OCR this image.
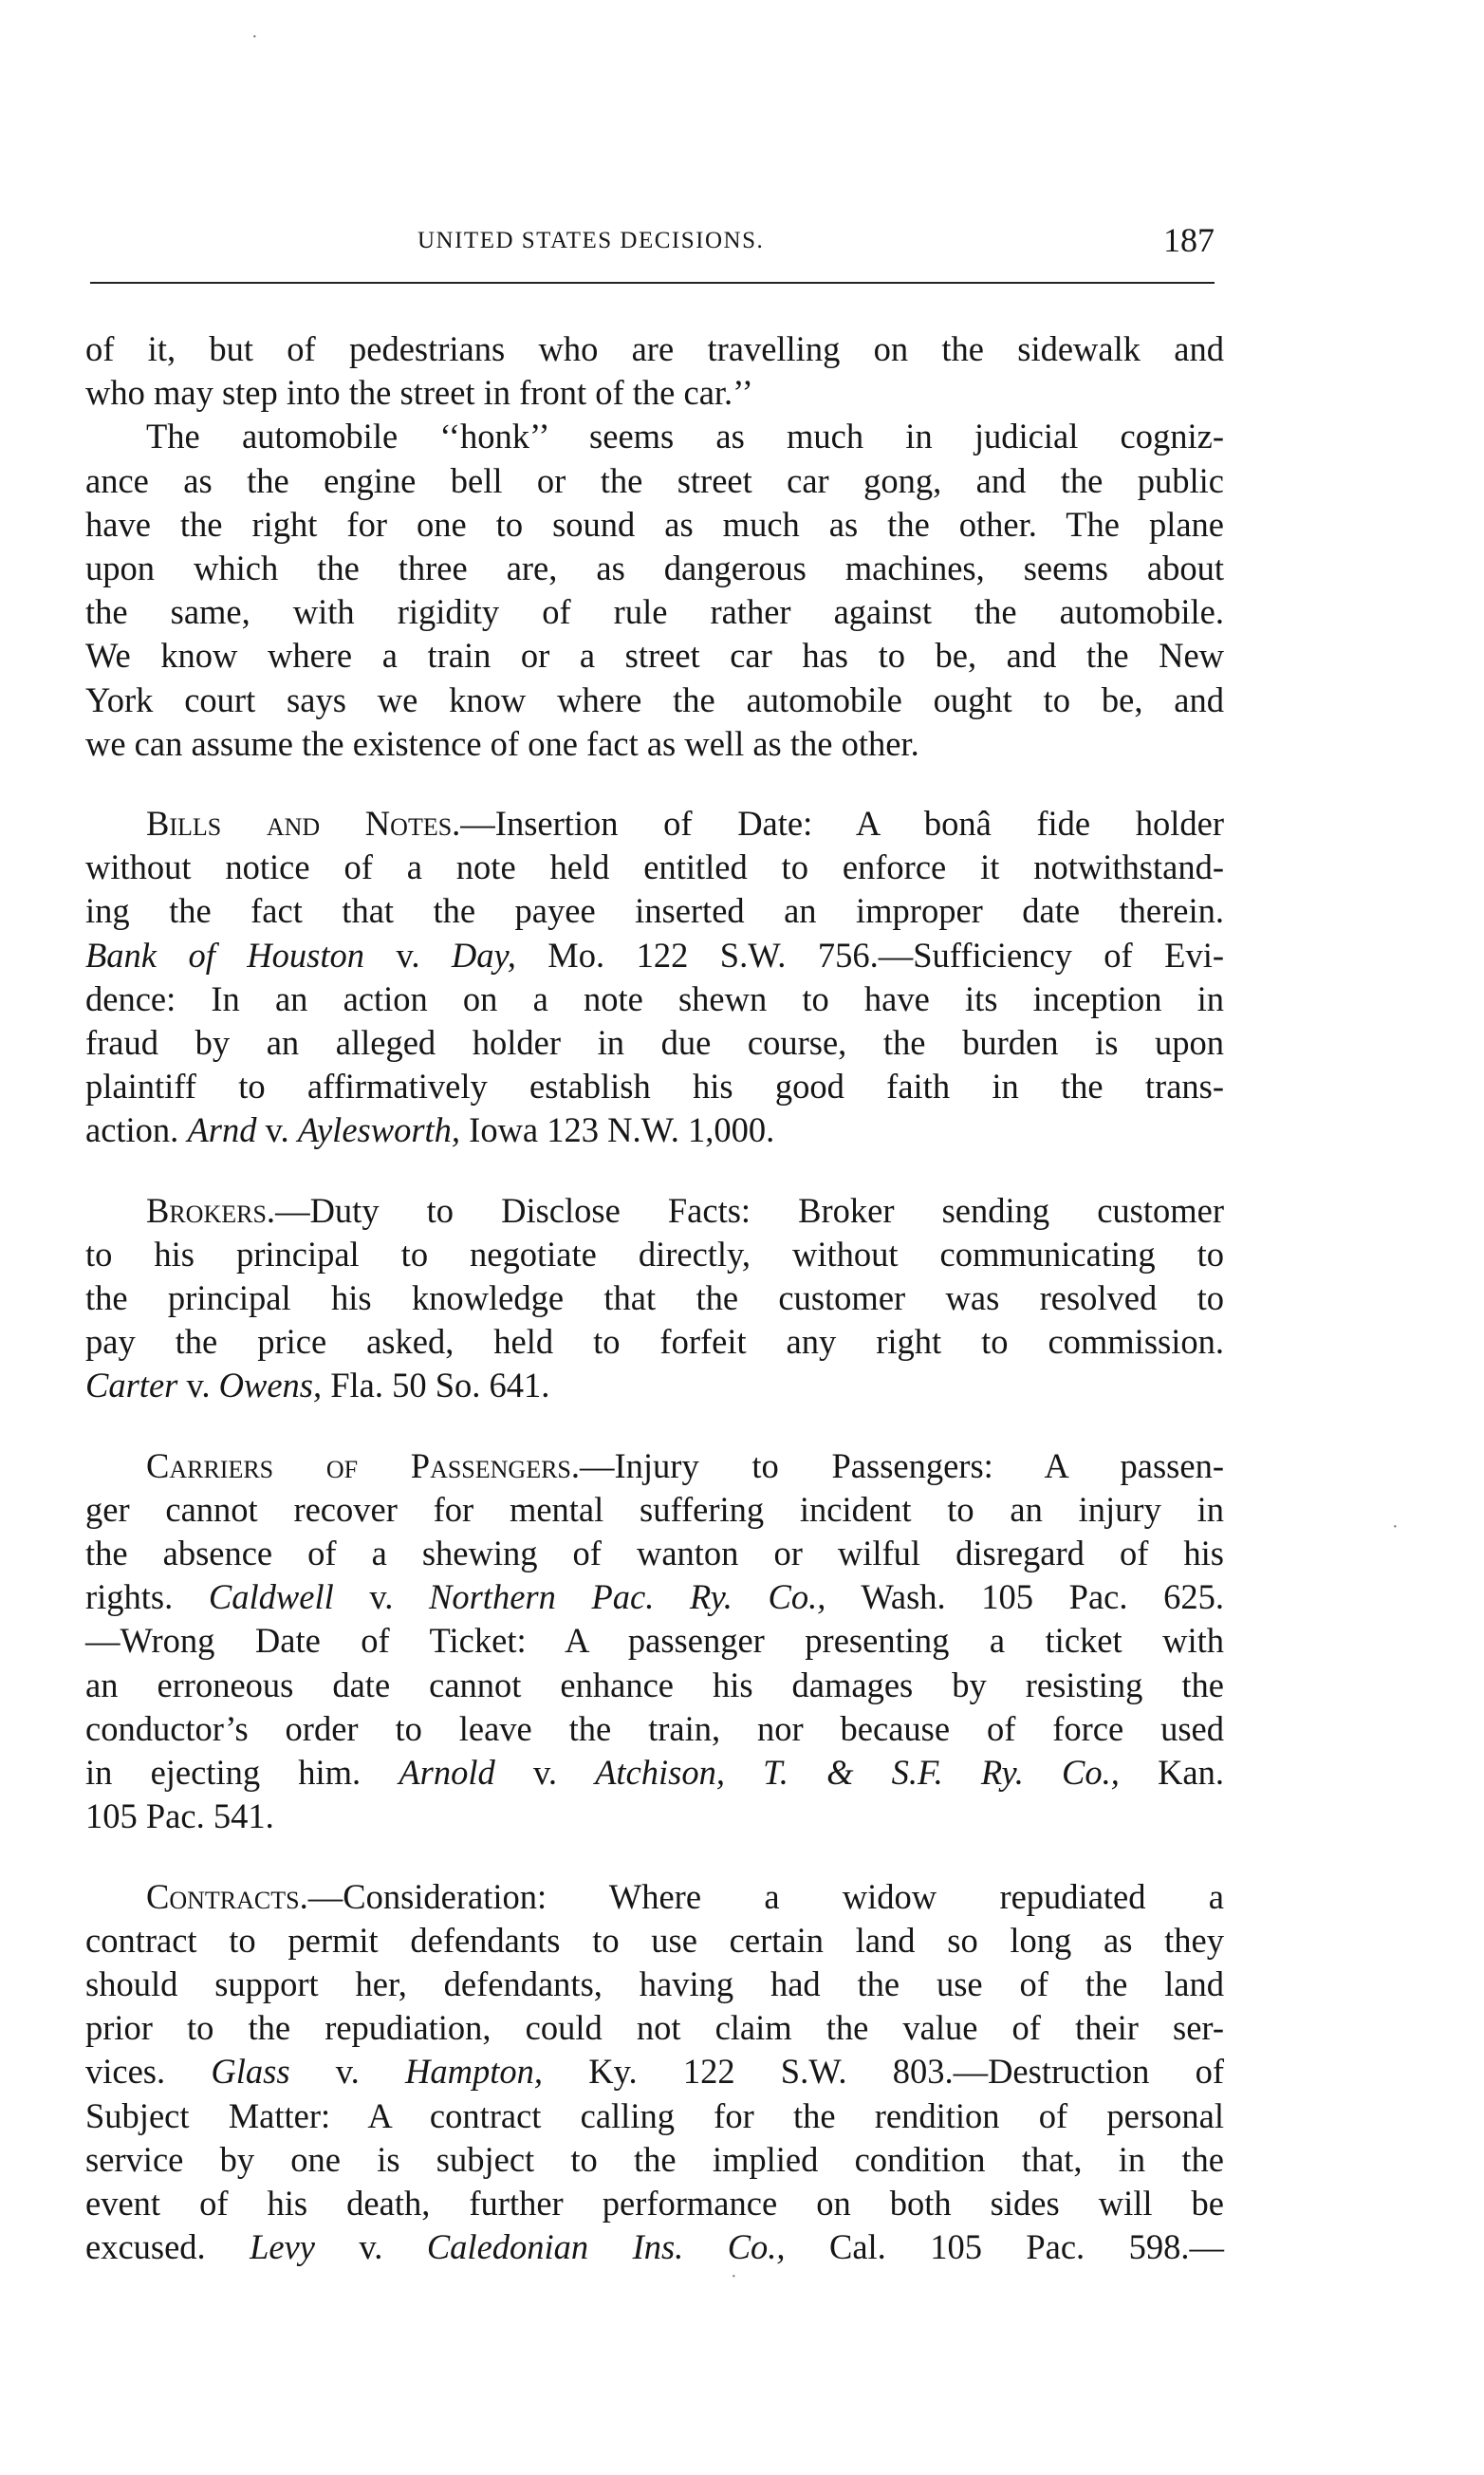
UNITED STATES DECISIONS.	187

of it, but of pedestrians who are travelling on the sidewalk and

who may step into the street in front of the car.’’

The automobile ‘‘honk’’ seems as much in judicial cogniz-

ance as the engine bell or the street car gong, and the public

have the right for one to sound as much as the other. The plane

upon which the three are, as dangerous machines, seems about

the same, with rigidity of rule rather against the automobile.

We know where a train or a street car has to be, and the New

York court says we know where the automobile ought to be, and

we can assume the existence of one fact as well as the other.

Bills and Notes.—Insertion of Date: A bonâ fide holder

without notice of a note held entitled to enforce it notwithstand-

ing the fact that the payee inserted an improper date therein.

Bank of Houston v. Day, Mo. 122 S.W. 756.—Sufficiency of Evi-

dence: In an action on a note shewn to have its inception in

fraud by an alleged holder in due course, the burden is upon

plaintiff to affirmatively establish his good faith in the trans-

action. Arnd v. Aylesworth, Iowa 123 N.W. 1,000.

Brokers.—Duty to Disclose Facts: Broker sending customer

to his principal to negotiate directly, without communicating to

the principal his knowledge that the customer was resolved to

pay the price asked, held to forfeit any right to commission.

Carter v. Owens, Fla. 50 So. 641.

Carriers of Passengers.—Injury to Passengers: A passen-

ger cannot recover for mental suffering incident to an injury in

the absence of a shewing of wanton or wilful disregard of his

rights. Caldwell v. Northern Pac. Ry. Co., Wash. 105 Pac. 625.

—Wrong Date of Ticket: A passenger presenting a ticket with

an erroneous date cannot enhance his damages by resisting the

conductor’s order to leave the train, nor because of force used

in ejecting him. Arnold v. Atchison, T. & S.F. Ry. Co., Kan.

105 Pac. 541.

Contracts.—Consideration: Where a widow repudiated a

contract to permit defendants to use certain land so long as they

should support her, defendants, having had the use of the land

prior to the repudiation, could not claim the value of their ser-

vices. Glass v. Hampton, Ky. 122 S.W. 803.—Destruction of

Subject Matter: A contract calling for the rendition of personal

service by one is subject to the implied condition that, in the

event of his death, further performance on both sides will be

excused. Levy v. Caledonian Ins. Co., Cal. 105 Pac. 598.—

·
·
·
